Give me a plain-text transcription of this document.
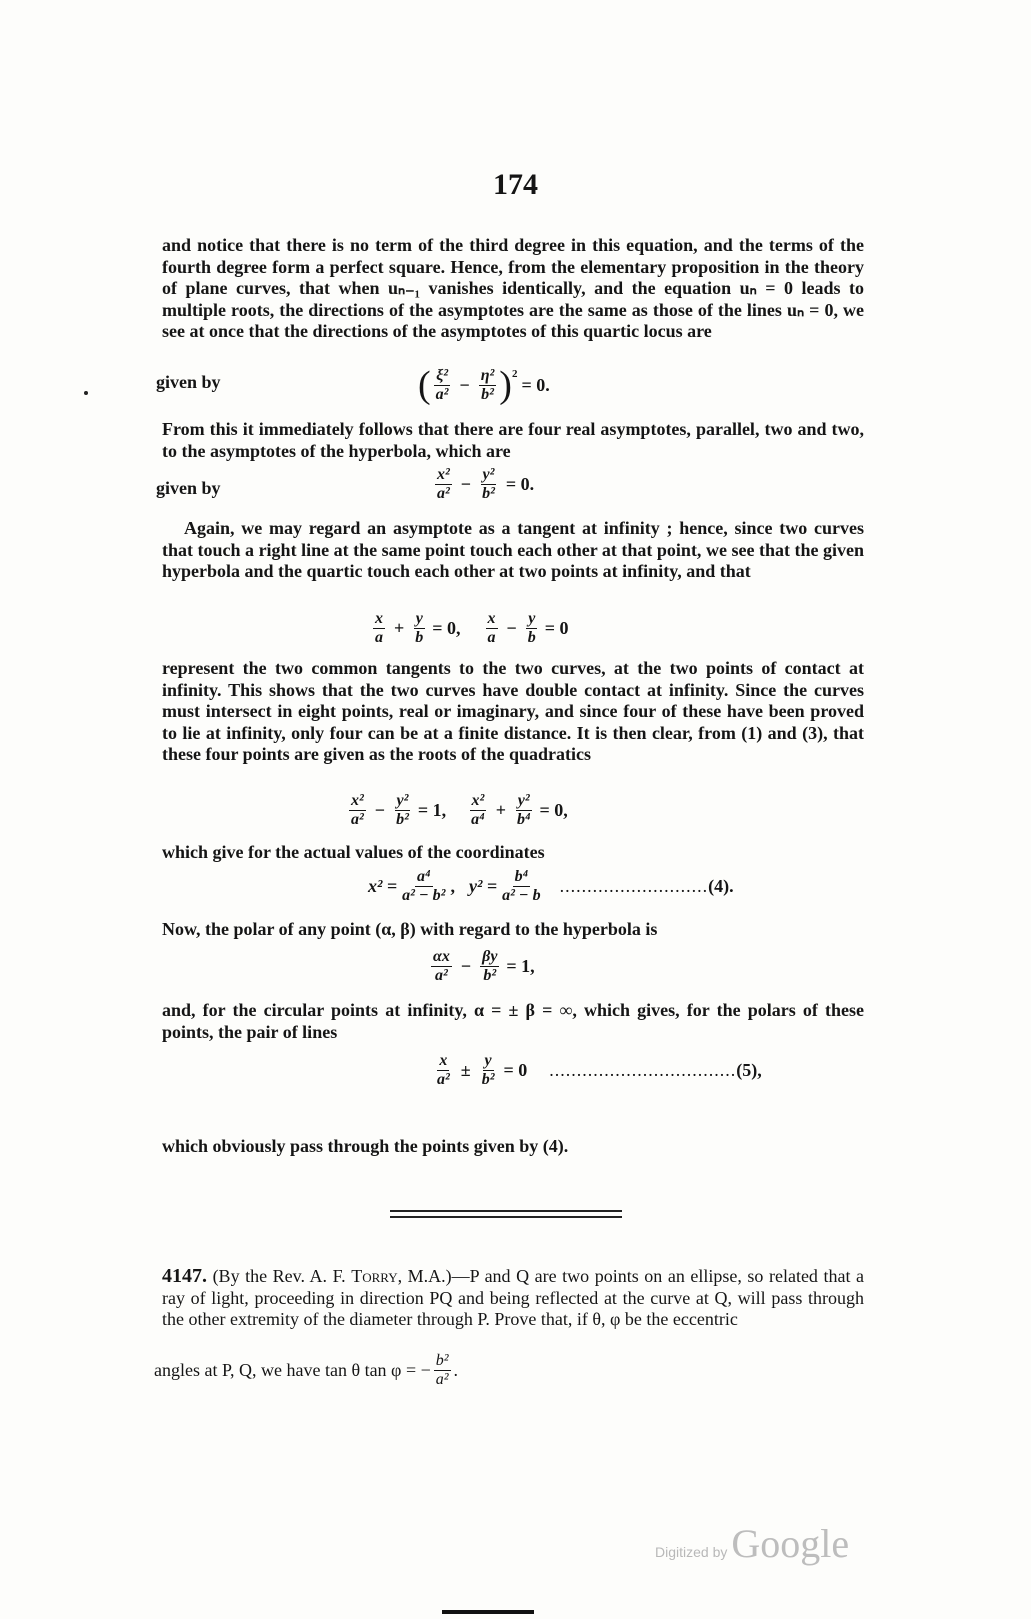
174

and notice that there is no term of the third degree in this equation, and the terms of the fourth degree form a perfect square. Hence, from the elementary proposition in the theory of plane curves, that when uₙ₋₁ vanishes identically, and the equation uₙ = 0 leads to multiple roots, the directions of the asymptotes are the same as those of the lines uₙ = 0, we see at once that the directions of the asymptotes of this quartic locus are

given by	( $\frac{\text{ξ²}}{\text{a²}} - \frac{\text{η²}}{\text{b²}} )^2$
= 0.

From this it immediately follows that there are four real asymptotes, parallel, two and two, to the asymptotes of the hyperbola, which are

given by	$\frac{\text{x²}}{\text{a²}} - \frac{\text{y²}}{\text{b²}} = 0$.

Again, we may regard an asymptote as a tangent at infinity ; hence, since two curves that touch a right line at the same point touch each other at that point, we see that the given hyperbola and the quartic touch each other at two points at infinity, and that

$\frac{x}{a} + \frac{y}{b} = 0$, $\frac{x}{a} - \frac{y}{b} = 0$

represent the two common tangents to the two curves, at the two points of contact at infinity. This shows that the two curves have double contact at infinity. Since the curves must intersect in eight points, real or imaginary, and since four of these have been proved to lie at infinity, only four can be at a finite distance. It is then clear, from (1) and (3), that these four points are given as the roots of the quadratics

$\frac{\text{x²}}{\text{a²}} - \frac{\text{y²}}{\text{b²}} = 1$, $\frac{\text{x²}}{\text{a⁴}} + \frac{\text{y²}}{\text{b⁴}} = 0$,

which give for the actual values of the coordinates

$x^2 = \frac{\text{a⁴}}{\text{a² − b²}}$ , $y^2 = \frac{\text{b⁴}}{\text{a² − b}}$ ........................... (4).

Now, the polar of any point (α, β) with regard to the hyperbola is

$\frac{\alpha x}{\text{a²}} - \frac{\beta y}{\text{b²}} = 1$,

and, for the circular points at infinity, α = ± β = ∞, which gives, for the polars of these points, the pair of lines

$\frac{x}{\text{a²}} \pm \frac{y}{\text{b²}} = 0$ .................................. (5),

which obviously pass through the points given by (4).

4147. (By the Rev. A. F. Torry, M.A.)—P and Q are two points on an ellipse, so related that a ray of light, proceeding in direction PQ and being reflected at the curve at Q, will pass through the other extremity of the diameter through P. Prove that, if θ, φ be the eccentric

angles at P, Q, we have tan θ tan φ = − $\frac{\text{b²}}{\text{a²}}$ .
Digitized by Google
